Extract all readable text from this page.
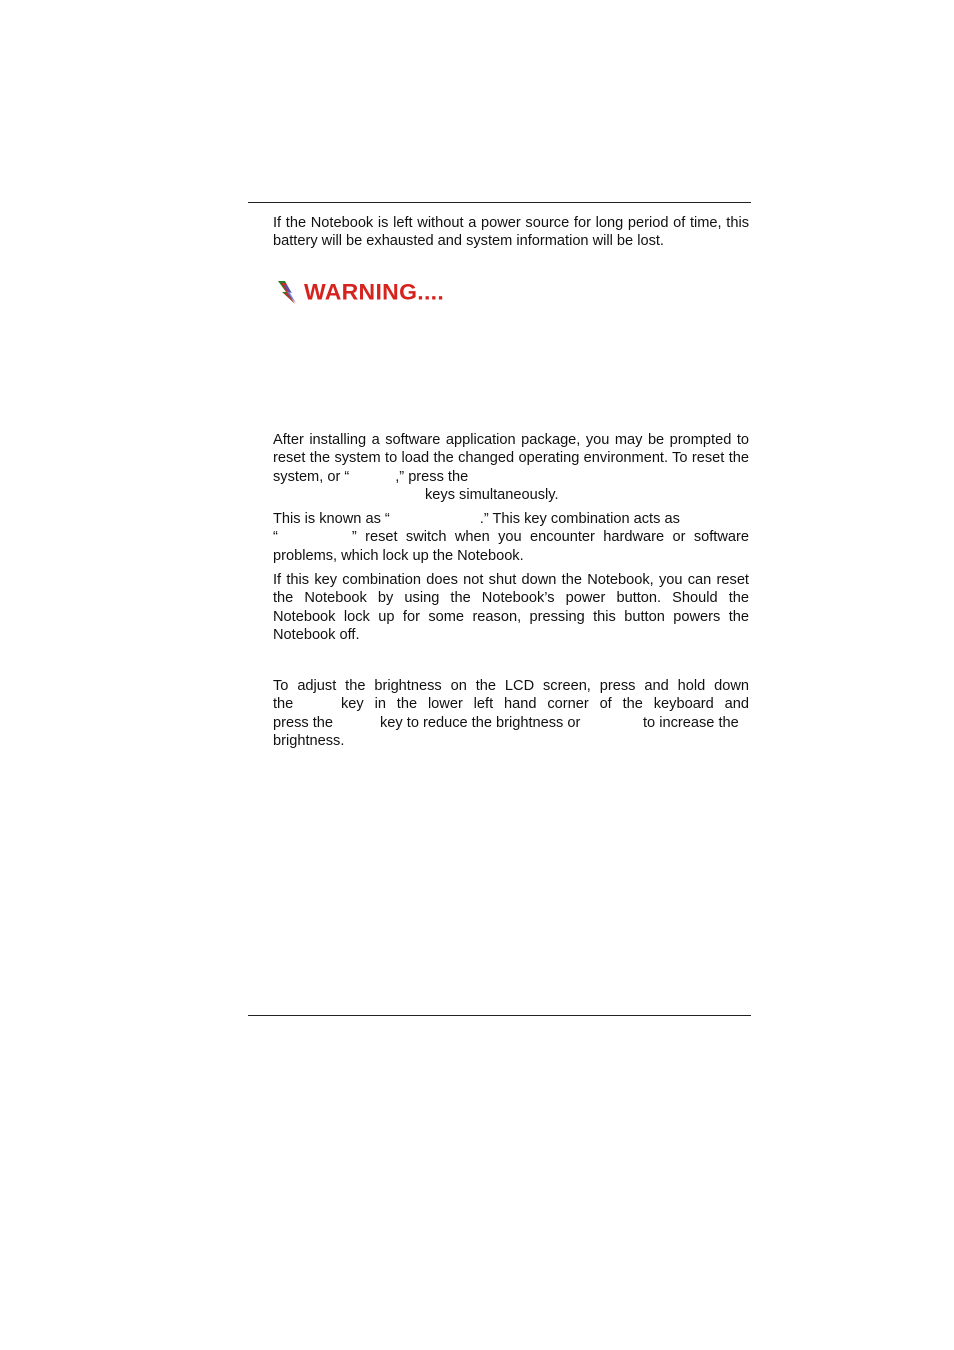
If the Notebook is left without a power source for long period of time, this battery will be exhausted and system information will be lost.

WARNING....

After installing a software application package, you may be prompted to reset the system to load the changed operating environment. To reset the system, or “	,” press the

keys simultaneously.

This is known as “	.” This key combination acts as
“	” reset switch when you encounter hardware or software problems, which lock up the Notebook.

If this key combination does not shut down the Notebook, you can reset the Notebook by using the Notebook’s power button. Should the Notebook lock up for some reason, pressing this button powers the Notebook off.

To adjust the brightness on the LCD screen, press and hold down
the	key in the lower left hand corner of the keyboard and
press the	key to reduce the brightness or	to increase the
brightness.
